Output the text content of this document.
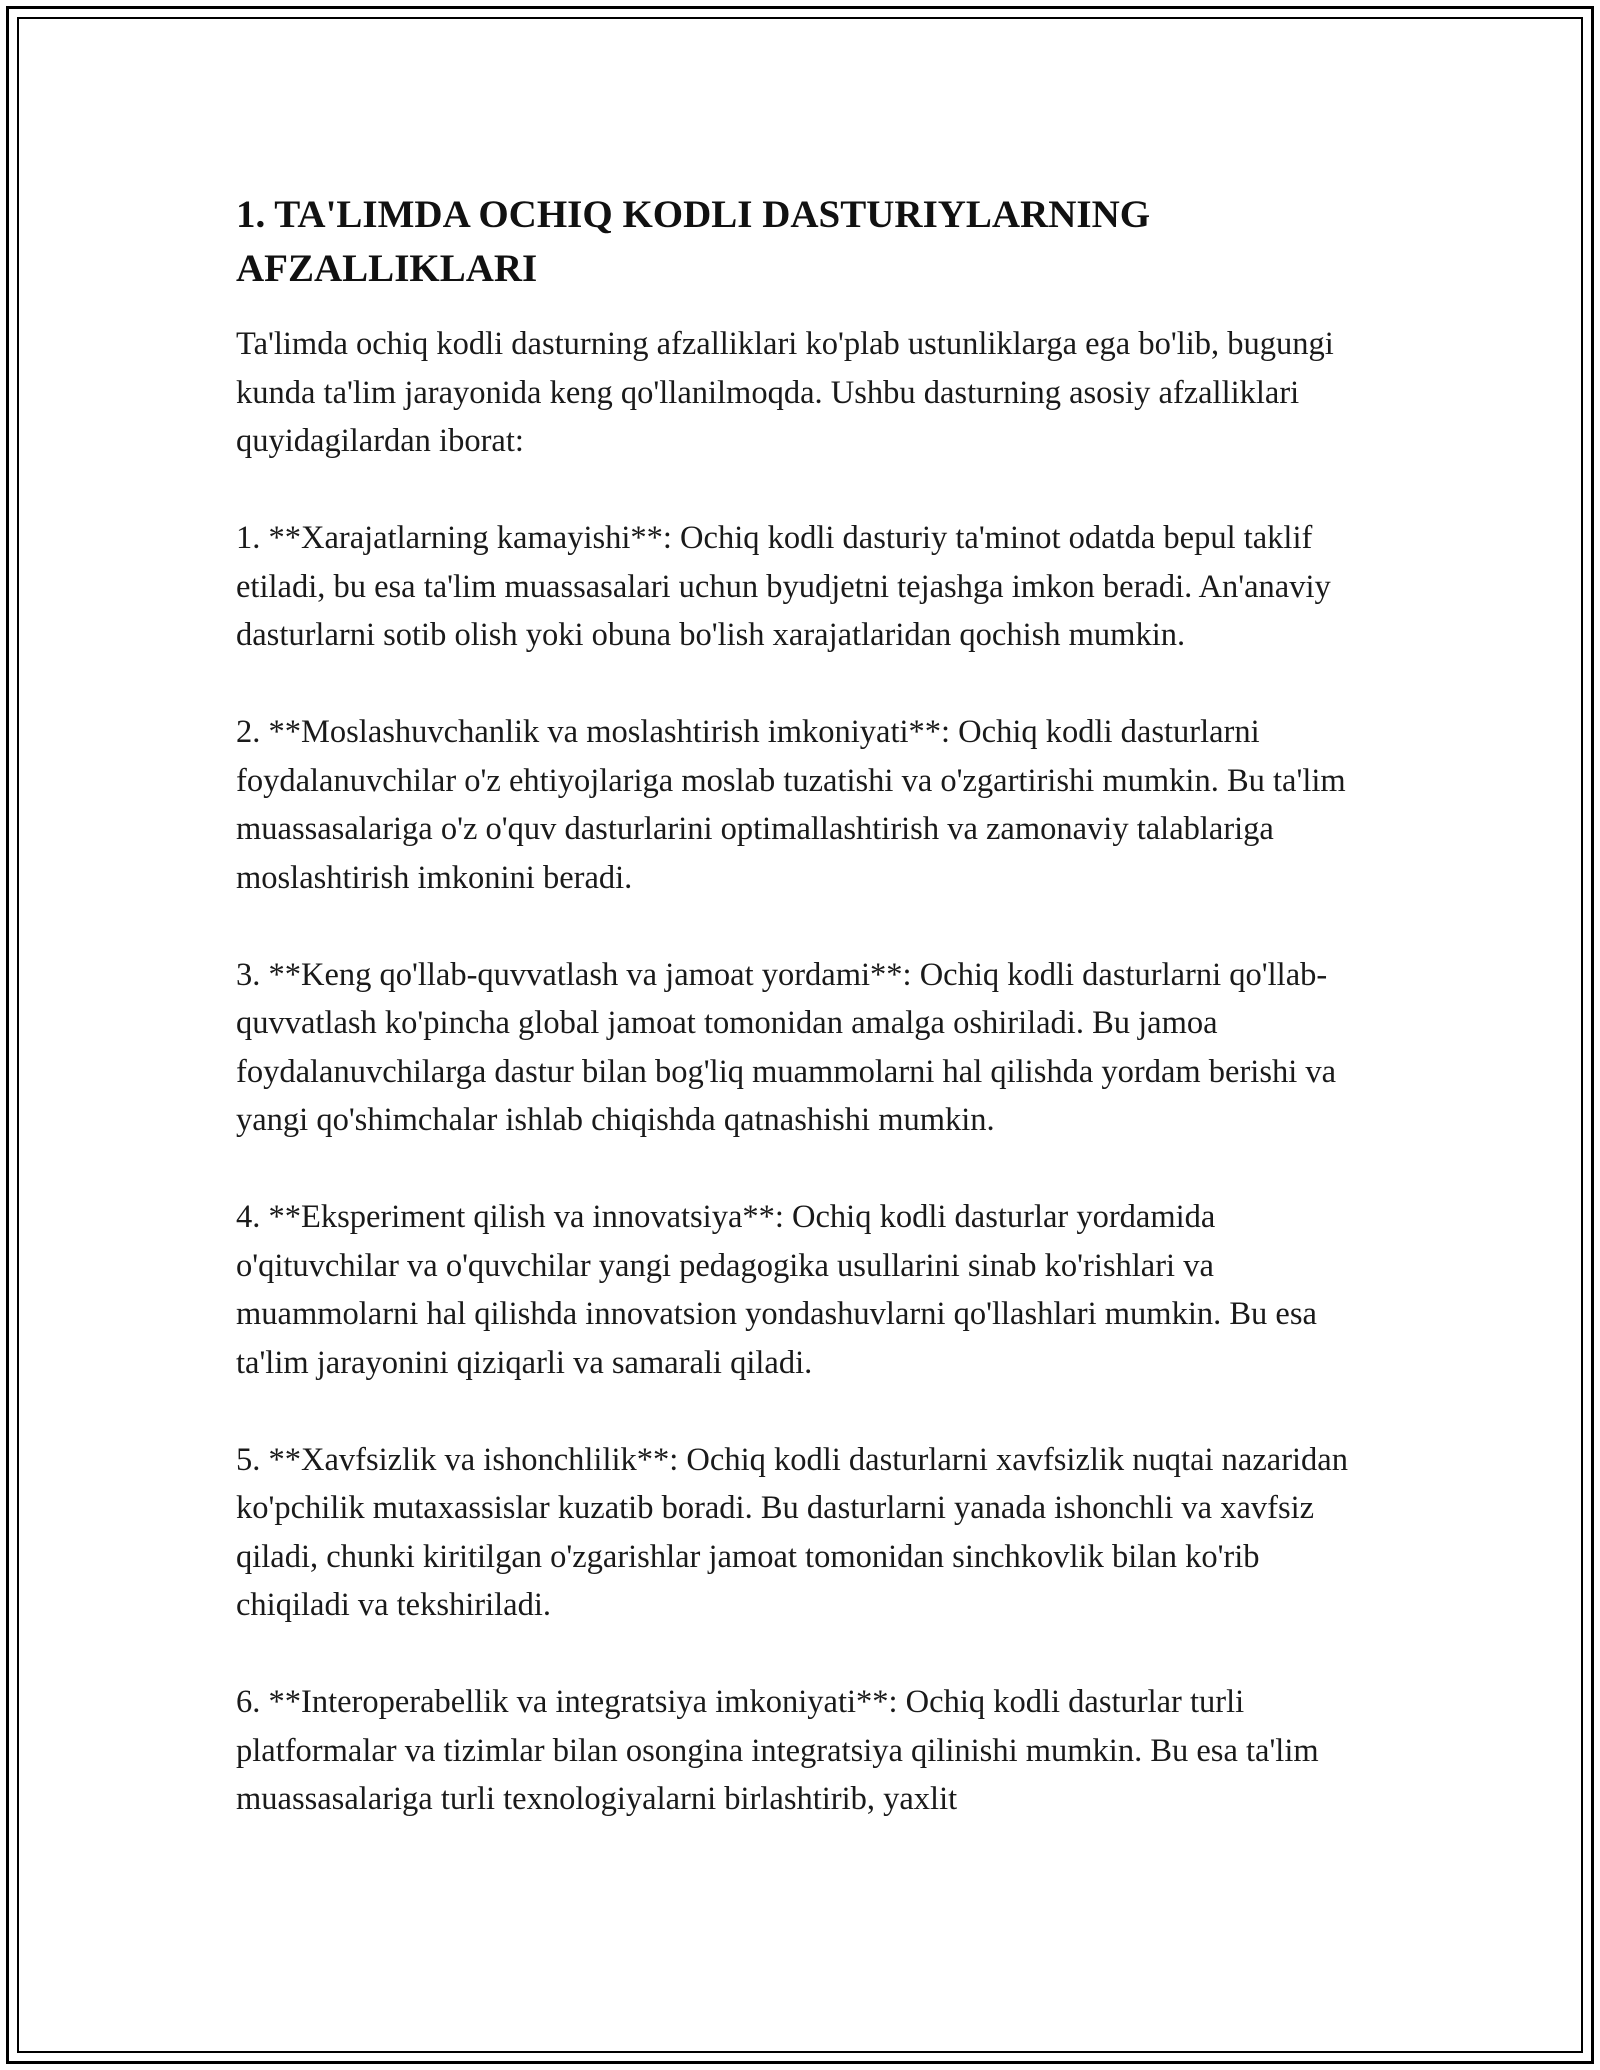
1. TA'LIMDA OCHIQ KODLI DASTURIYLARNING AFZALLIKLARI

Ta'limda ochiq kodli dasturning afzalliklari ko'plab ustunliklarga ega bo'lib, bugungi kunda ta'lim jarayonida keng qo'llanilmoqda. Ushbu dasturning asosiy afzalliklari quyidagilardan iborat:

1. **Xarajatlarning kamayishi**: Ochiq kodli dasturiy ta'minot odatda bepul taklif etiladi, bu esa ta'lim muassasalari uchun byudjetni tejashga imkon beradi. An'anaviy dasturlarni sotib olish yoki obuna bo'lish xarajatlaridan qochish mumkin.

2. **Moslashuvchanlik va moslashtirish imkoniyati**: Ochiq kodli dasturlarni foydalanuvchilar o'z ehtiyojlariga moslab tuzatishi va o'zgartirishi mumkin. Bu ta'lim muassasalariga o'z o'quv dasturlarini optimallashtirish va zamonaviy talablariga moslashtirish imkonini beradi.

3. **Keng qo'llab-quvvatlash va jamoat yordami**: Ochiq kodli dasturlarni qo'llab-quvvatlash ko'pincha global jamoat tomonidan amalga oshiriladi. Bu jamoa foydalanuvchilarga dastur bilan bog'liq muammolarni hal qilishda yordam berishi va yangi qo'shimchalar ishlab chiqishda qatnashishi mumkin.

4. **Eksperiment qilish va innovatsiya**: Ochiq kodli dasturlar yordamida o'qituvchilar va o'quvchilar yangi pedagogika usullarini sinab ko'rishlari va muammolarni hal qilishda innovatsion yondashuvlarni qo'llashlari mumkin. Bu esa ta'lim jarayonini qiziqarli va samarali qiladi.

5. **Xavfsizlik va ishonchlilik**: Ochiq kodli dasturlarni xavfsizlik nuqtai nazaridan ko'pchilik mutaxassislar kuzatib boradi. Bu dasturlarni yanada ishonchli va xavfsiz qiladi, chunki kiritilgan o'zgarishlar jamoat tomonidan sinchkovlik bilan ko'rib chiqiladi va tekshiriladi.

6. **Interoperabellik va integratsiya imkoniyati**: Ochiq kodli dasturlar turli platformalar va tizimlar bilan osongina integratsiya qilinishi mumkin. Bu esa ta'lim muassasalariga turli texnologiyalarni birlashtirib, yaxlit
